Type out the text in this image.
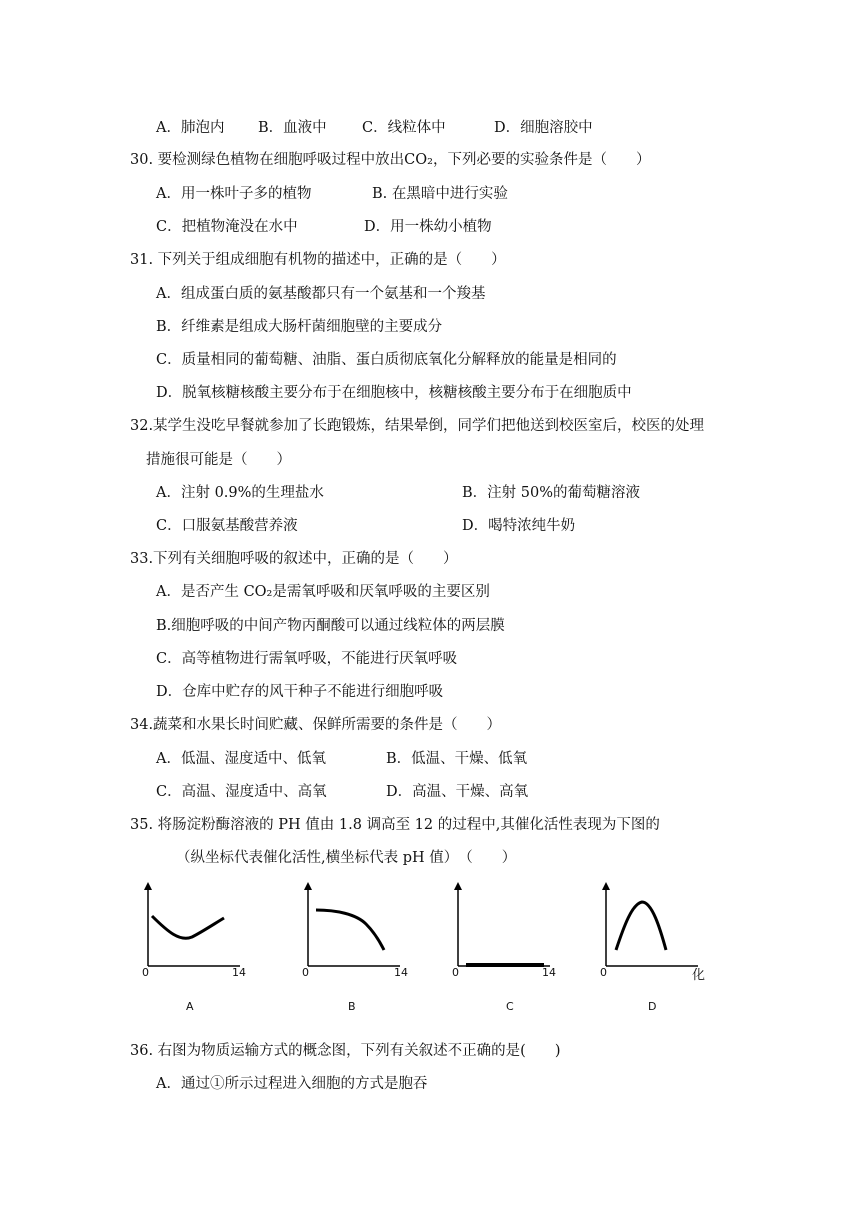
A．肺泡内 B．血液中 C．线粒体中	D．细胞溶胶中
30. 要检测绿色植物在细胞呼吸过程中放出CO₂，下列必要的实验条件是（　　）
A．用一株叶子多的植物	B. 在黑暗中进行实验
C．把植物淹没在水中	D．用一株幼小植物
31. 下列关于组成细胞有机物的描述中，正确的是（　　）
A．组成蛋白质的氨基酸都只有一个氨基和一个羧基
B．纤维素是组成大肠杆菌细胞壁的主要成分
C．质量相同的葡萄糖、油脂、蛋白质彻底氧化分解释放的能量是相同的
D．脱氧核糖核酸主要分布于在细胞核中，核糖核酸主要分布于在细胞质中
32.某学生没吃早餐就参加了长跑锻炼，结果晕倒，同学们把他送到校医室后，校医的处理
措施很可能是（　　）
A．注射 0.9%的生理盐水	B．注射 50%的葡萄糖溶液
C．口服氨基酸营养液	D．喝特浓纯牛奶
33.下列有关细胞呼吸的叙述中，正确的是（　　）
A．是否产生 CO₂是需氧呼吸和厌氧呼吸的主要区别
B.细胞呼吸的中间产物丙酮酸可以通过线粒体的两层膜
C．高等植物进行需氧呼吸，不能进行厌氧呼吸
D．仓库中贮存的风干种子不能进行细胞呼吸
34.蔬菜和水果长时间贮藏、保鲜所需要的条件是（　　）
A．低温、湿度适中、低氧	B．低温、干燥、低氧
C．高温、湿度适中、高氧	D．高温、干燥、高氧
35. 将肠淀粉酶溶液的 PH 值由 1.8 调高至 12 的过程中,其催化活性表现为下图的
（纵坐标代表催化活性,横坐标代表 pH 值）　（　　）
0	14
A
0	14
B
0	14
C
0	化
D
36. 右图为物质运输方式的概念图，下列有关叙述不正确的是(　　)
A．通过①所示过程进入细胞的方式是胞吞
